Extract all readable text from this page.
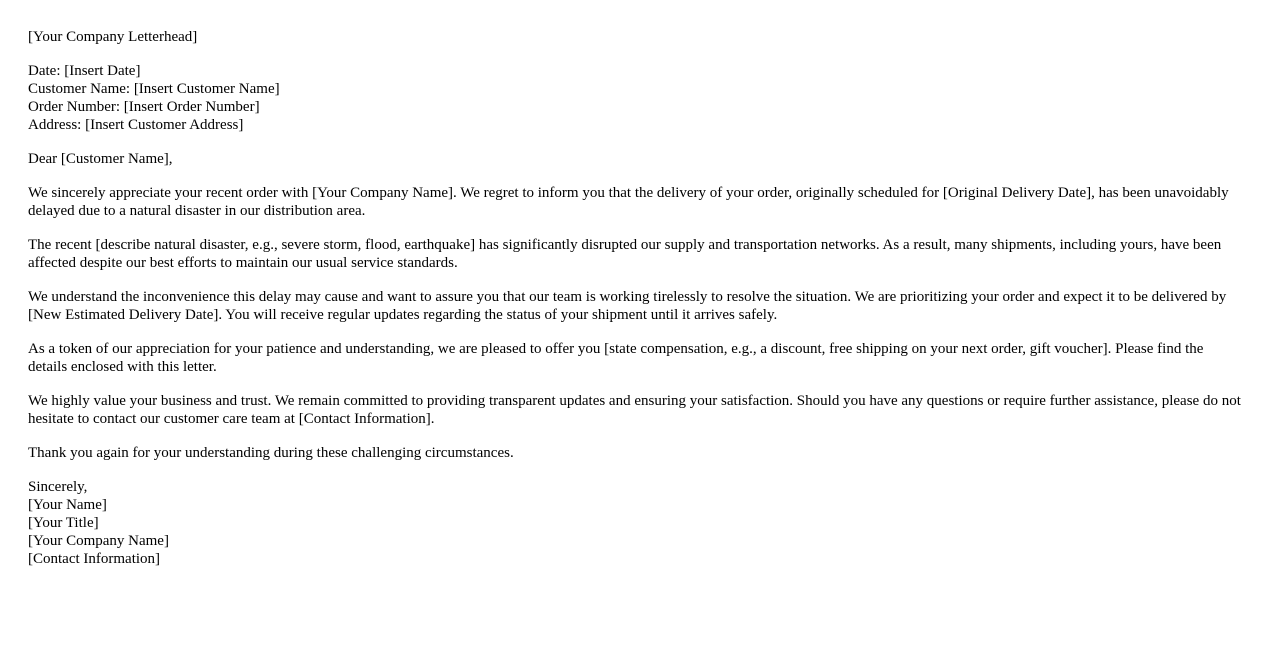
[Your Company Letterhead]
Date: [Insert Date]
Customer Name: [Insert Customer Name]
Order Number: [Insert Order Number]
Address: [Insert Customer Address]
Dear [Customer Name],

We sincerely appreciate your recent order with [Your Company Name]. We regret to inform you that the delivery of your order, originally scheduled for [Original Delivery Date], has been unavoidably delayed due to a natural disaster in our distribution area.

The recent [describe natural disaster, e.g., severe storm, flood, earthquake] has significantly disrupted our supply and transportation networks. As a result, many shipments, including yours, have been affected despite our best efforts to maintain our usual service standards.

We understand the inconvenience this delay may cause and want to assure you that our team is working tirelessly to resolve the situation. We are prioritizing your order and expect it to be delivered by [New Estimated Delivery Date]. You will receive regular updates regarding the status of your shipment until it arrives safely.

As a token of our appreciation for your patience and understanding, we are pleased to offer you [state compensation, e.g., a discount, free shipping on your next order, gift voucher]. Please find the details enclosed with this letter.

We highly value your business and trust. We remain committed to providing transparent updates and ensuring your satisfaction. Should you have any questions or require further assistance, please do not hesitate to contact our customer care team at [Contact Information].

Thank you again for your understanding during these challenging circumstances.

Sincerely,
[Your Name]
[Your Title]
[Your Company Name]
[Contact Information]
